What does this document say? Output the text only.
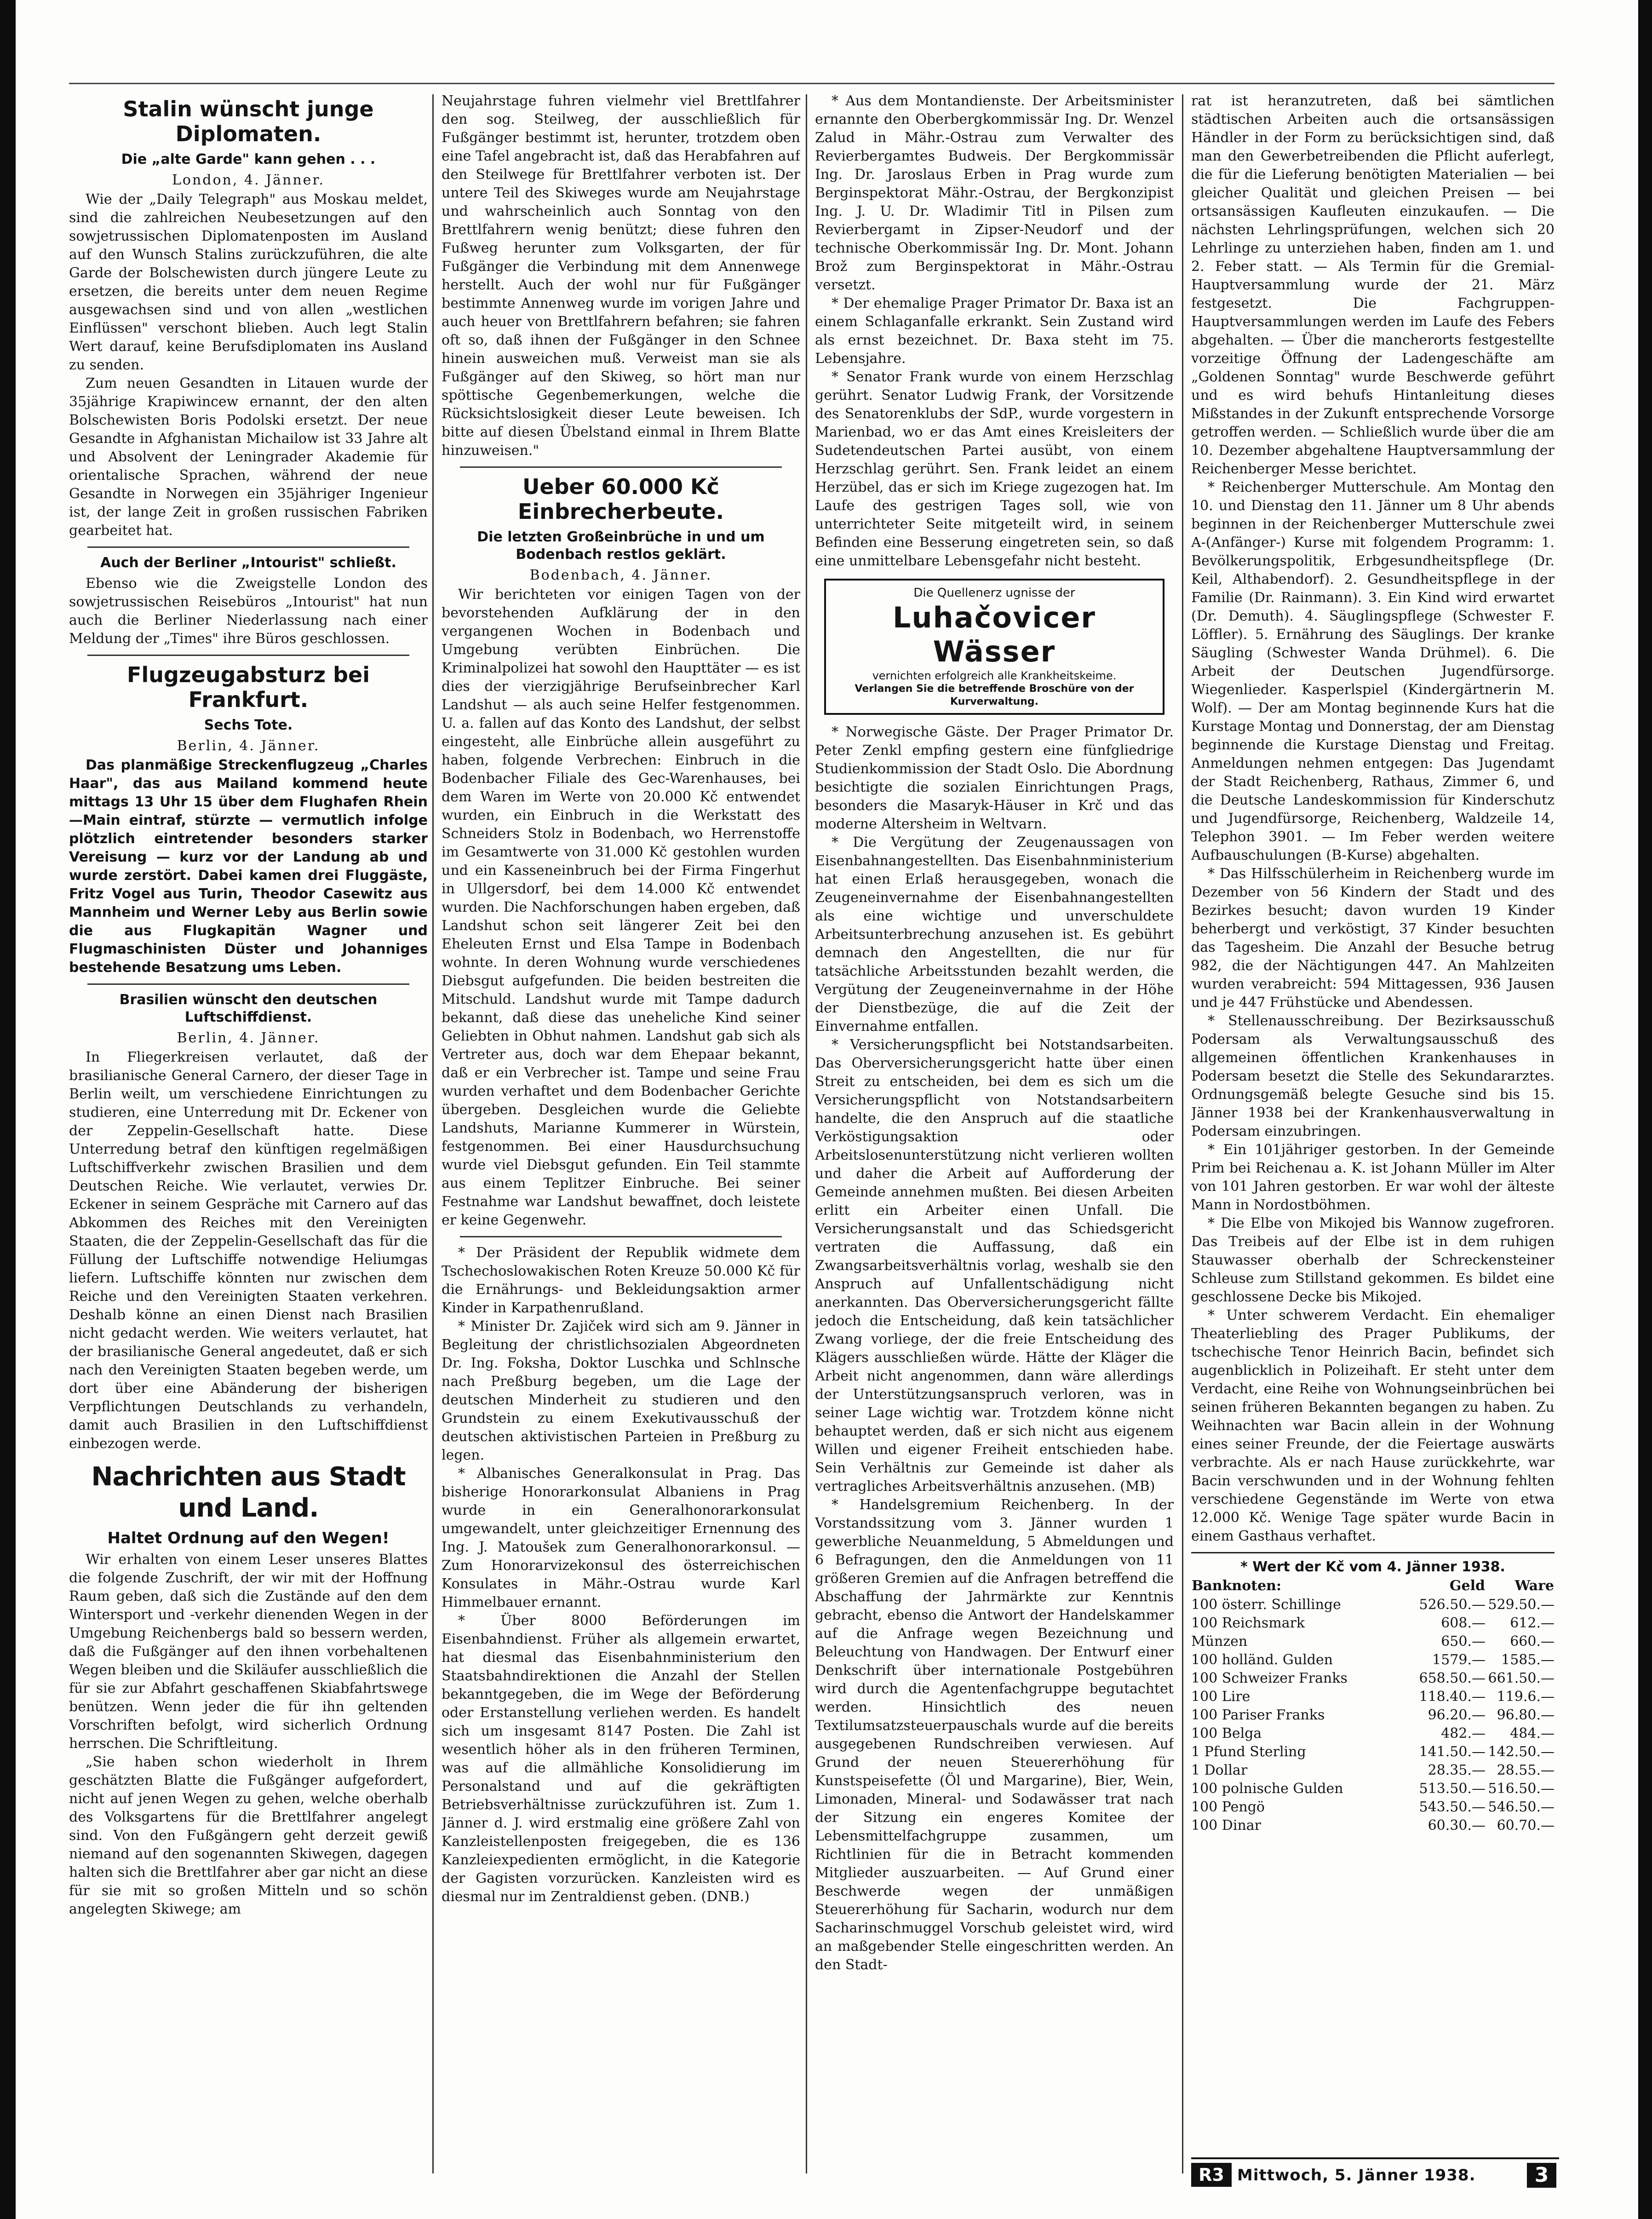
Stalin wünscht junge Diplomaten.
Die „alte Garde" kann gehen . . .
London, 4. Jänner.

Wie der „Daily Telegraph" aus Moskau meldet, sind die zahlreichen Neubesetzungen auf den sowjetrussischen Diplomatenposten im Ausland auf den Wunsch Stalins zurückzuführen, die alte Garde der Bolschewisten durch jüngere Leute zu ersetzen, die bereits unter dem neuen Regime ausgewachsen sind und von allen „westlichen Einflüssen" verschont blieben. Auch legt Stalin Wert darauf, keine Berufsdiplomaten ins Ausland zu senden.

Zum neuen Gesandten in Litauen wurde der 35jährige Krapiwincew ernannt, der den alten Bolschewisten Boris Podolski ersetzt. Der neue Gesandte in Afghanistan Michailow ist 33 Jahre alt und Absolvent der Leningrader Akademie für orientalische Sprachen, während der neue Gesandte in Norwegen ein 35jähriger Ingenieur ist, der lange Zeit in großen russischen Fabriken gearbeitet hat.

Auch der Berliner „Intourist" schließt.

Ebenso wie die Zweigstelle London des sowjetrussischen Reisebüros „Intourist" hat nun auch die Berliner Niederlassung nach einer Meldung der „Times" ihre Büros geschlossen.

Flugzeugabsturz bei Frankfurt.
Sechs Tote.
Berlin, 4. Jänner.

Das planmäßige Streckenflugzeug „Charles Haar", das aus Mailand kommend heute mittags 13 Uhr 15 über dem Flughafen Rhein—Main eintraf, stürzte — vermutlich infolge plötzlich eintretender besonders starker Vereisung — kurz vor der Landung ab und wurde zerstört. Dabei kamen drei Fluggäste, Fritz Vogel aus Turin, Theodor Casewitz aus Mannheim und Werner Leby aus Berlin sowie die aus Flugkapitän Wagner und Flugmaschinisten Düster und Johanniges bestehende Besatzung ums Leben.

Brasilien wünscht den deutschen Luftschiffdienst.
Berlin, 4. Jänner.

In Fliegerkreisen verlautet, daß der brasilianische General Carnero, der dieser Tage in Berlin weilt, um verschiedene Einrichtungen zu studieren, eine Unterredung mit Dr. Eckener von der Zeppelin-Gesellschaft hatte. Diese Unterredung betraf den künftigen regelmäßigen Luftschiffverkehr zwischen Brasilien und dem Deutschen Reiche. Wie verlautet, verwies Dr. Eckener in seinem Gespräche mit Carnero auf das Abkommen des Reiches mit den Vereinigten Staaten, die der Zeppelin-Gesellschaft das für die Füllung der Luftschiffe notwendige Heliumgas liefern. Luftschiffe könnten nur zwischen dem Reiche und den Vereinigten Staaten verkehren. Deshalb könne an einen Dienst nach Brasilien nicht gedacht werden. Wie weiters verlautet, hat der brasilianische General angedeutet, daß er sich nach den Vereinigten Staaten begeben werde, um dort über eine Abänderung der bisherigen Verpflichtungen Deutschlands zu verhandeln, damit auch Brasilien in den Luftschiffdienst einbezogen werde.

Nachrichten aus Stadt und Land.
Haltet Ordnung auf den Wegen!

Wir erhalten von einem Leser unseres Blattes die folgende Zuschrift, der wir mit der Hoffnung Raum geben, daß sich die Zustände auf den dem Wintersport und -verkehr dienenden Wegen in der Umgebung Reichenbergs bald so bessern werden, daß die Fußgänger auf den ihnen vorbehaltenen Wegen bleiben und die Skiläufer ausschließlich die für sie zur Abfahrt geschaffenen Skiabfahrtswege benützen. Wenn jeder die für ihn geltenden Vorschriften befolgt, wird sicherlich Ordnung herrschen. Die Schriftleitung.

„Sie haben schon wiederholt in Ihrem geschätzten Blatte die Fußgänger aufgefordert, nicht auf jenen Wegen zu gehen, welche oberhalb des Volksgartens für die Brettlfahrer angelegt sind. Von den Fußgängern geht derzeit gewiß niemand auf den sogenannten Skiwegen, dagegen halten sich die Brettlfahrer aber gar nicht an diese für sie mit so großen Mitteln und so schön angelegten Skiwege; am

Neujahrstage fuhren vielmehr viel Brettlfahrer den sog. Steilweg, der ausschließlich für Fußgänger bestimmt ist, herunter, trotzdem oben eine Tafel angebracht ist, daß das Herabfahren auf den Steilwege für Brettlfahrer verboten ist. Der untere Teil des Skiweges wurde am Neujahrstage und wahrscheinlich auch Sonntag von den Brettlfahrern wenig benützt; diese fuhren den Fußweg herunter zum Volksgarten, der für Fußgänger die Verbindung mit dem Annenwege herstellt. Auch der wohl nur für Fußgänger bestimmte Annenweg wurde im vorigen Jahre und auch heuer von Brettlfahrern befahren; sie fahren oft so, daß ihnen der Fußgänger in den Schnee hinein ausweichen muß. Verweist man sie als Fußgänger auf den Skiweg, so hört man nur spöttische Gegenbemerkungen, welche die Rücksichtslosigkeit dieser Leute beweisen. Ich bitte auf diesen Übelstand einmal in Ihrem Blatte hinzuweisen."

Ueber 60.000 Kč Einbrecherbeute.
Die letzten Großeinbrüche in und um Bodenbach restlos geklärt.
Bodenbach, 4. Jänner.

Wir berichteten vor einigen Tagen von der bevorstehenden Aufklärung der in den vergangenen Wochen in Bodenbach und Umgebung verübten Einbrüchen. Die Kriminalpolizei hat sowohl den Haupttäter — es ist dies der vierzigjährige Berufseinbrecher Karl Landshut — als auch seine Helfer festgenommen. U. a. fallen auf das Konto des Landshut, der selbst eingesteht, alle Einbrüche allein ausgeführt zu haben, folgende Verbrechen: Einbruch in die Bodenbacher Filiale des Gec-Warenhauses, bei dem Waren im Werte von 20.000 Kč entwendet wurden, ein Einbruch in die Werkstatt des Schneiders Stolz in Bodenbach, wo Herrenstoffe im Gesamtwerte von 31.000 Kč gestohlen wurden und ein Kasseneinbruch bei der Firma Fingerhut in Ullgersdorf, bei dem 14.000 Kč entwendet wurden. Die Nachforschungen haben ergeben, daß Landshut schon seit längerer Zeit bei den Eheleuten Ernst und Elsa Tampe in Bodenbach wohnte. In deren Wohnung wurde verschiedenes Diebsgut aufgefunden. Die beiden bestreiten die Mitschuld. Landshut wurde mit Tampe dadurch bekannt, daß diese das uneheliche Kind seiner Geliebten in Obhut nahmen. Landshut gab sich als Vertreter aus, doch war dem Ehepaar bekannt, daß er ein Verbrecher ist. Tampe und seine Frau wurden verhaftet und dem Bodenbacher Gerichte übergeben. Desgleichen wurde die Geliebte Landshuts, Marianne Kummerer in Würstein, festgenommen. Bei einer Hausdurchsuchung wurde viel Diebsgut gefunden. Ein Teil stammte aus einem Teplitzer Einbruche. Bei seiner Festnahme war Landshut bewaffnet, doch leistete er keine Gegenwehr.

* Der Präsident der Republik widmete dem Tschechoslowakischen Roten Kreuze 50.000 Kč für die Ernährungs- und Bekleidungsaktion armer Kinder in Karpathenrußland.

* Minister Dr. Zajiček wird sich am 9. Jänner in Begleitung der christlichsozialen Abgeordneten Dr. Ing. Foksha, Doktor Luschka und Schlnsche nach Preßburg begeben, um die Lage der deutschen Minderheit zu studieren und den Grundstein zu einem Exekutivausschuß der deutschen aktivistischen Parteien in Preßburg zu legen.

* Albanisches Generalkonsulat in Prag. Das bisherige Honorarkonsulat Albaniens in Prag wurde in ein Generalhonorarkonsulat umgewandelt, unter gleichzeitiger Ernennung des Ing. J. Matoušek zum Generalhonorarkonsul. — Zum Honorarvizekonsul des österreichischen Konsulates in Mähr.-Ostrau wurde Karl Himmelbauer ernannt.

* Über 8000 Beförderungen im Eisenbahndienst. Früher als allgemein erwartet, hat diesmal das Eisenbahnministerium den Staatsbahndirektionen die Anzahl der Stellen bekanntgegeben, die im Wege der Beförderung oder Erstanstellung verliehen werden. Es handelt sich um insgesamt 8147 Posten. Die Zahl ist wesentlich höher als in den früheren Terminen, was auf die allmähliche Konsolidierung im Personalstand und auf die gekräftigten Betriebsverhältnisse zurückzuführen ist. Zum 1. Jänner d. J. wird erstmalig eine größere Zahl von Kanzleistellenposten freigegeben, die es 136 Kanzleiexpedienten ermöglicht, in die Kategorie der Gagisten vorzurücken. Kanzleisten wird es diesmal nur im Zentraldienst geben. (DNB.)

* Aus dem Montandienste. Der Arbeitsminister ernannte den Oberbergkommissär Ing. Dr. Wenzel Zalud in Mähr.-Ostrau zum Verwalter des Revierbergamtes Budweis. Der Bergkommissär Ing. Dr. Jaroslaus Erben in Prag wurde zum Berginspektorat Mähr.-Ostrau, der Bergkonzipist Ing. J. U. Dr. Wladimir Titl in Pilsen zum Revierbergamt in Zipser-Neudorf und der technische Oberkommissär Ing. Dr. Mont. Johann Brož zum Berginspektorat in Mähr.-Ostrau versetzt.

* Der ehemalige Prager Primator Dr. Baxa ist an einem Schlaganfalle erkrankt. Sein Zustand wird als ernst bezeichnet. Dr. Baxa steht im 75. Lebensjahre.

* Senator Frank wurde von einem Herzschlag gerührt. Senator Ludwig Frank, der Vorsitzende des Senatorenklubs der SdP., wurde vorgestern in Marienbad, wo er das Amt eines Kreisleiters der Sudetendeutschen Partei ausübt, von einem Herzschlag gerührt. Sen. Frank leidet an einem Herzübel, das er sich im Kriege zugezogen hat. Im Laufe des gestrigen Tages soll, wie von unterrichteter Seite mitgeteilt wird, in seinem Befinden eine Besserung eingetreten sein, so daß eine unmittelbare Lebensgefahr nicht besteht.

Die Quellenerz ugnisse der
Luhačovicer Wässer
vernichten erfolgreich alle Krankheitskeime.
Verlangen Sie die betreffende Broschüre von der Kurverwaltung.

* Norwegische Gäste. Der Prager Primator Dr. Peter Zenkl empfing gestern eine fünfgliedrige Studienkommission der Stadt Oslo. Die Abordnung besichtigte die sozialen Einrichtungen Prags, besonders die Masaryk-Häuser in Krč und das moderne Altersheim in Weltvarn.

* Die Vergütung der Zeugenaussagen von Eisenbahnangestellten. Das Eisenbahnministerium hat einen Erlaß herausgegeben, wonach die Zeugeneinvernahme der Eisenbahnangestellten als eine wichtige und unverschuldete Arbeitsunterbrechung anzusehen ist. Es gebührt demnach den Angestellten, die nur für tatsächliche Arbeitsstunden bezahlt werden, die Vergütung der Zeugeneinvernahme in der Höhe der Dienstbezüge, die auf die Zeit der Einvernahme entfallen.

* Versicherungspflicht bei Notstandsarbeiten. Das Oberversicherungsgericht hatte über einen Streit zu entscheiden, bei dem es sich um die Versicherungspflicht von Notstandsarbeitern handelte, die den Anspruch auf die staatliche Verköstigungsaktion oder Arbeitslosenunterstützung nicht verlieren wollten und daher die Arbeit auf Aufforderung der Gemeinde annehmen mußten. Bei diesen Arbeiten erlitt ein Arbeiter einen Unfall. Die Versicherungsanstalt und das Schiedsgericht vertraten die Auffassung, daß ein Zwangsarbeitsverhältnis vorlag, weshalb sie den Anspruch auf Unfallentschädigung nicht anerkannten. Das Oberversicherungsgericht fällte jedoch die Entscheidung, daß kein tatsächlicher Zwang vorliege, der die freie Entscheidung des Klägers ausschließen würde. Hätte der Kläger die Arbeit nicht angenommen, dann wäre allerdings der Unterstützungsanspruch verloren, was in seiner Lage wichtig war. Trotzdem könne nicht behauptet werden, daß er sich nicht aus eigenem Willen und eigener Freiheit entschieden habe. Sein Verhältnis zur Gemeinde ist daher als vertragliches Arbeitsverhältnis anzusehen. (MB)

* Handelsgremium Reichenberg. In der Vorstandssitzung vom 3. Jänner wurden 1 gewerbliche Neuanmeldung, 5 Abmeldungen und 6 Befragungen, den die Anmeldungen von 11 größeren Gremien auf die Anfragen betreffend die Abschaffung der Jahrmärkte zur Kenntnis gebracht, ebenso die Antwort der Handelskammer auf die Anfrage wegen Bezeichnung und Beleuchtung von Handwagen. Der Entwurf einer Denkschrift über internationale Postgebühren wird durch die Agentenfachgruppe begutachtet werden. Hinsichtlich des neuen Textilumsatzsteuerpauschals wurde auf die bereits ausgegebenen Rundschreiben verwiesen. Auf Grund der neuen Steuererhöhung für Kunstspeisefette (Öl und Margarine), Bier, Wein, Limonaden, Mineral- und Sodawässer trat nach der Sitzung ein engeres Komitee der Lebensmittelfachgruppe zusammen, um Richtlinien für die in Betracht kommenden Mitglieder auszuarbeiten. — Auf Grund einer Beschwerde wegen der unmäßigen Steuererhöhung für Sacharin, wodurch nur dem Sacharinschmuggel Vorschub geleistet wird, wird an maßgebender Stelle eingeschritten werden. An den Stadt-

rat ist heranzutreten, daß bei sämtlichen städtischen Arbeiten auch die ortsansässigen Händler in der Form zu berücksichtigen sind, daß man den Gewerbetreibenden die Pflicht auferlegt, die für die Lieferung benötigten Materialien — bei gleicher Qualität und gleichen Preisen — bei ortsansässigen Kaufleuten einzukaufen. — Die nächsten Lehrlingsprüfungen, welchen sich 20 Lehrlinge zu unterziehen haben, finden am 1. und 2. Feber statt. — Als Termin für die Gremial-Hauptversammlung wurde der 21. März festgesetzt. Die Fachgruppen-Hauptversammlungen werden im Laufe des Febers abgehalten. — Über die mancherorts festgestellte vorzeitige Öffnung der Ladengeschäfte am „Goldenen Sonntag" wurde Beschwerde geführt und es wird behufs Hintanleitung dieses Mißstandes in der Zukunft entsprechende Vorsorge getroffen werden. — Schließlich wurde über die am 10. Dezember abgehaltene Hauptversammlung der Reichenberger Messe berichtet.

* Reichenberger Mutterschule. Am Montag den 10. und Dienstag den 11. Jänner um 8 Uhr abends beginnen in der Reichenberger Mutterschule zwei A-(Anfänger-) Kurse mit folgendem Programm: 1. Bevölkerungspolitik, Erbgesundheitspflege (Dr. Keil, Althabendorf). 2. Gesundheitspflege in der Familie (Dr. Rainmann). 3. Ein Kind wird erwartet (Dr. Demuth). 4. Säuglingspflege (Schwester F. Löffler). 5. Ernährung des Säuglings. Der kranke Säugling (Schwester Wanda Drühmel). 6. Die Arbeit der Deutschen Jugendfürsorge. Wiegenlieder. Kasperlspiel (Kindergärtnerin M. Wolf). — Der am Montag beginnende Kurs hat die Kurstage Montag und Donnerstag, der am Dienstag beginnende die Kurstage Dienstag und Freitag. Anmeldungen nehmen entgegen: Das Jugendamt der Stadt Reichenberg, Rathaus, Zimmer 6, und die Deutsche Landeskommission für Kinderschutz und Jugendfürsorge, Reichenberg, Waldzeile 14, Telephon 3901. — Im Feber werden weitere Aufbauschulungen (B-Kurse) abgehalten.

* Das Hilfsschülerheim in Reichenberg wurde im Dezember von 56 Kindern der Stadt und des Bezirkes besucht; davon wurden 19 Kinder beherbergt und verköstigt, 37 Kinder besuchten das Tagesheim. Die Anzahl der Besuche betrug 982, die der Nächtigungen 447. An Mahlzeiten wurden verabreicht: 594 Mittagessen, 936 Jausen und je 447 Frühstücke und Abendessen.

* Stellenausschreibung. Der Bezirksausschuß Podersam als Verwaltungsausschuß des allgemeinen öffentlichen Krankenhauses in Podersam besetzt die Stelle des Sekundararztes. Ordnungsgemäß belegte Gesuche sind bis 15. Jänner 1938 bei der Krankenhausverwaltung in Podersam einzubringen.

* Ein 101jähriger gestorben. In der Gemeinde Prim bei Reichenau a. K. ist Johann Müller im Alter von 101 Jahren gestorben. Er war wohl der älteste Mann in Nordostböhmen.

* Die Elbe von Mikojed bis Wannow zugefroren. Das Treibeis auf der Elbe ist in dem ruhigen Stauwasser oberhalb der Schreckensteiner Schleuse zum Stillstand gekommen. Es bildet eine geschlossene Decke bis Mikojed.

* Unter schwerem Verdacht. Ein ehemaliger Theaterliebling des Prager Publikums, der tschechische Tenor Heinrich Bacin, befindet sich augenblicklich in Polizeihaft. Er steht unter dem Verdacht, eine Reihe von Wohnungseinbrüchen bei seinen früheren Bekannten begangen zu haben. Zu Weihnachten war Bacin allein in der Wohnung eines seiner Freunde, der die Feiertage auswärts verbrachte. Als er nach Hause zurückkehrte, war Bacin verschwunden und in der Wohnung fehlten verschiedene Gegenstände im Werte von etwa 12.000 Kč. Wenige Tage später wurde Bacin in einem Gasthaus verhaftet.

* Wert der Kč vom 4. Jänner 1938.
Banknoten:	Geld	Ware
100 österr. Schillinge	526.50.—	529.50.—
100 Reichsmark	608.—	612.—
Münzen	650.—	660.—
100 holländ. Gulden	1579.—	1585.—
100 Schweizer Franks	658.50.—	661.50.—
100 Lire	118.40.—	119.6.—
100 Pariser Franks	96.20.—	96.80.—
100 Belga	482.—	484.—
1 Pfund Sterling	141.50.—	142.50.—
1 Dollar	28.35.—	28.55.—
100 polnische Gulden	513.50.—	516.50.—
100 Pengö	543.50.—	546.50.—
100 Dinar	60.30.—	60.70.—
R3 Mittwoch, 5. Jänner 1938.	3
